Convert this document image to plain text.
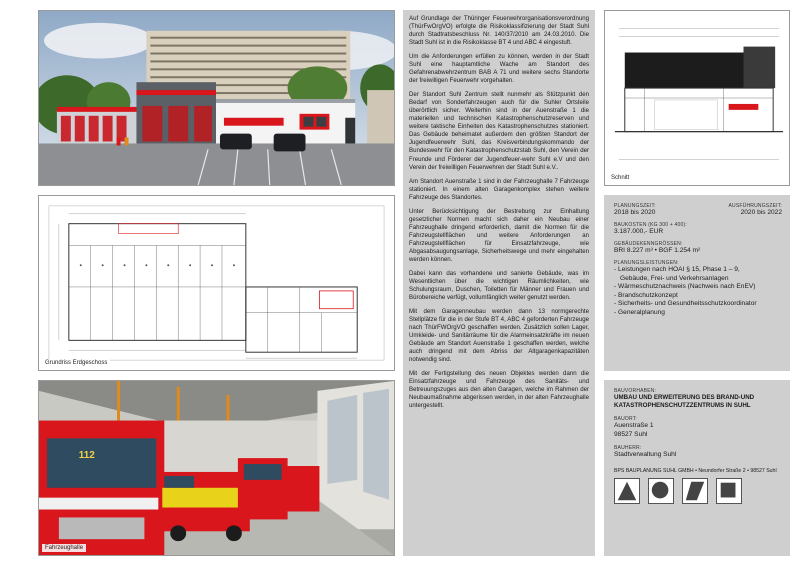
Grundriss Erdgeschoss
112
Fahrzeughalle

Auf Grundlage der Thüringer Feuerwehrorganisationsverordnung (ThürFwOrgVO) erfolgte die Risikoklassifizierung der Stadt Suhl durch Stadtratsbeschluss Nr. 140/37/2010 am 24.03.2010. Die Stadt Suhl ist in die Risikoklasse BT 4 und ABC 4 eingestuft.

Um die Anforderungen erfüllen zu können, werden in der Stadt Suhl eine hauptamtliche Wache am Standort des Gefahrenabwehrzentrum BAB A 71 und weitere sechs Standorte der freiwilligen Feuerwehr vorgehalten.

Der Standort Suhl Zentrum stellt nunmehr als Stützpunkt den Bedarf von Sonderfahrzeugen auch für die Suhler Ortsteile überörtlich sicher. Weiterhin sind in der Auenstraße 1 die materiellen und technischen Katastrophenschutzreserven und weitere taktische Einheiten des Katastrophenschutzes stationiert. Das Gebäude beheimatet außerdem den größten Standort der Jugendfeuerwehr Suhl, das Kreisverbindungskommando der Bundeswehr für den Katastrophenschutzstab Suhl, den Verein der Freunde und Förderer der Jugendfeuer-wehr Suhl e.V und den Verein der freiwilligen Feuerwehren der Stadt Suhl e.V..

Am Standort Auenstraße 1 sind in der Fahrzeughalle 7 Fahrzeuge stationiert. In einem alten Garagenkomplex stehen weitere Fahrzeuge des Standortes.

Unter Berücksichtigung der Bestrebung zur Einhaltung gesetzlicher Normen macht sich daher ein Neubau einer Fahrzeughalle dringend erforderlich, damit die Normen für die Fahrzeugstellflächen und weitere Anforderungen an Fahrzeugstellflächen für Einsatzfahrzeuge, wie Abgasabsaugungsanlage, Sicherheitswege und mehr eingehalten werden können.

Dabei kann das vorhandene und sanierte Gebäude, was im Wesentlichen über die wichtigen Räumlichkeiten, wie Schulungsraum, Duschen, Toiletten für Männer und Frauen und Bürobereiche verfügt, vollumfänglich weiter genutzt werden.

Mit dem Garagenneubau werden dann 13 normgerechte Stellplätze für die in der Stufe BT 4, ABC 4 geforderten Fahrzeuge nach ThürFWOrgVO geschaffen werden. Zusätzlich sollen Lager, Umkleide- und Sanitärräume für die Alarmeinsatzkräfte im neuen Gebäude am Standort Auenstraße 1 geschaffen werden, welche auch dringend mit dem Abriss der Altgaragenkapazitäten notwendig sind.

Mit der Fertigstellung des neuen Objektes werden dann die Einsatzfahrzeuge und Fahrzeuge des Sanitäts- und Betreuungszuges aus den alten Garagen, welche im Rahmen der Neubaumaßnahme abgerissen werden, in der alten Fahrzeughalle untergestellt.

Schnitt
PLANUNGSZEIT:
2018 bis 2020
AUSFÜHRUNGSZEIT:
2020 bis 2022
BAUKOSTEN (KG 300 + 400):
3.187.000,- EUR
GEBÄUDEKENNGRÖSSEN:
BRI 8.227 m³ • BGF 1.254 m²
PLANUNGSLEISTUNGEN:
- Leistungen nach HOAI § 15, Phase 1 – 9,
Gebäude, Frei- und Verkehrsanlagen
- Wärmeschutznachweis (Nachweis nach EnEV)
- Brandschutzkonzept
- Sicherheits- und Gesundheitsschutzkoordinator
- Generalplanung
BAUVORHABEN:
UMBAU UND ERWEITERUNG DES BRAND-UND KATASTROPHENSCHUTZZENTRUMS IN SUHL
BAUORT:
Auenstraße 1
98527 Suhl
BAUHERR:
Stadtverwaltung Suhl
BPS BAUPLANUNG SUHL GMBH • Neundorfer Straße 2 • 98527 Suhl
